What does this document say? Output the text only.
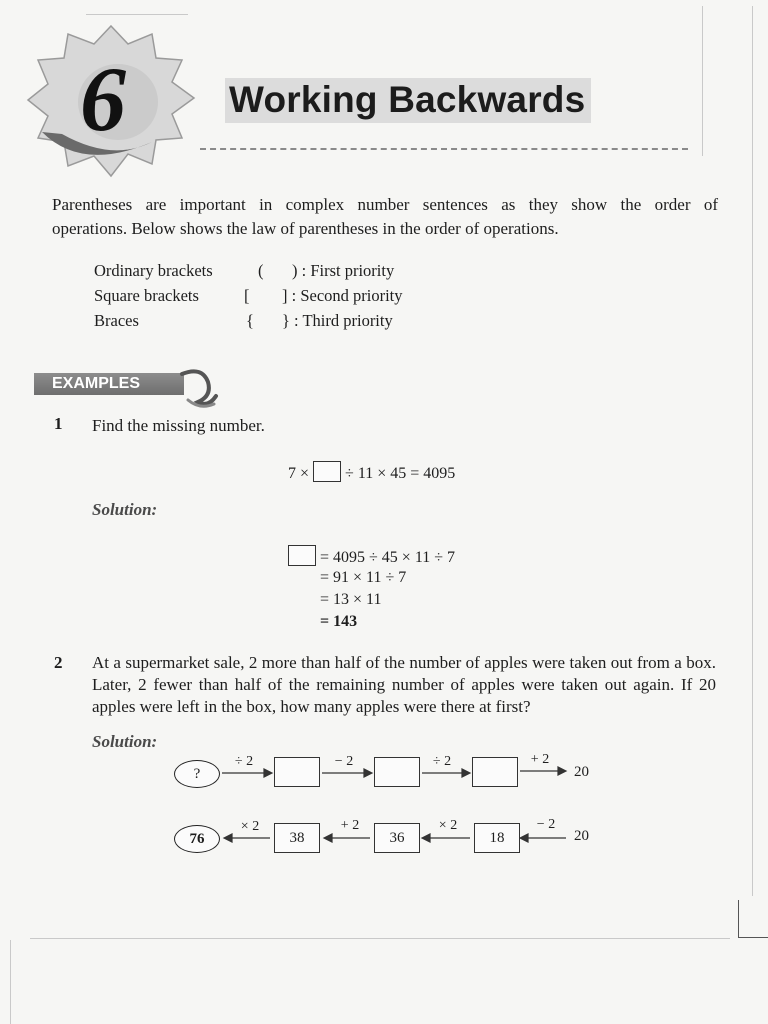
6	Working Backwards
Parentheses are important in complex number sentences as they show the order of
operations. Below shows the law of parentheses in the order of operations.
Ordinary brackets	( ) : First priority
Square brackets	[ ] : Second priority
Braces	{ } : Third priority
EXAMPLES
1 Find the missing number.
7 × ÷ 11 × 45 = 4095
Solution:
= 4095 ÷ 45 × 11 ÷ 7
= 91 × 11 ÷ 7
= 13 × 11
= 143
2 At a supermarket sale, 2 more than half of the number of apples were taken out from a box. Later, 2 fewer than half of the remaining number of apples were taken out again. If 20 apples were left in the box, how many apples were there at first?
Solution:
?
÷ 2	− 2	÷ 2	+ 2
20
76
× 2
38
+ 2
36
× 2
18
− 2
20
